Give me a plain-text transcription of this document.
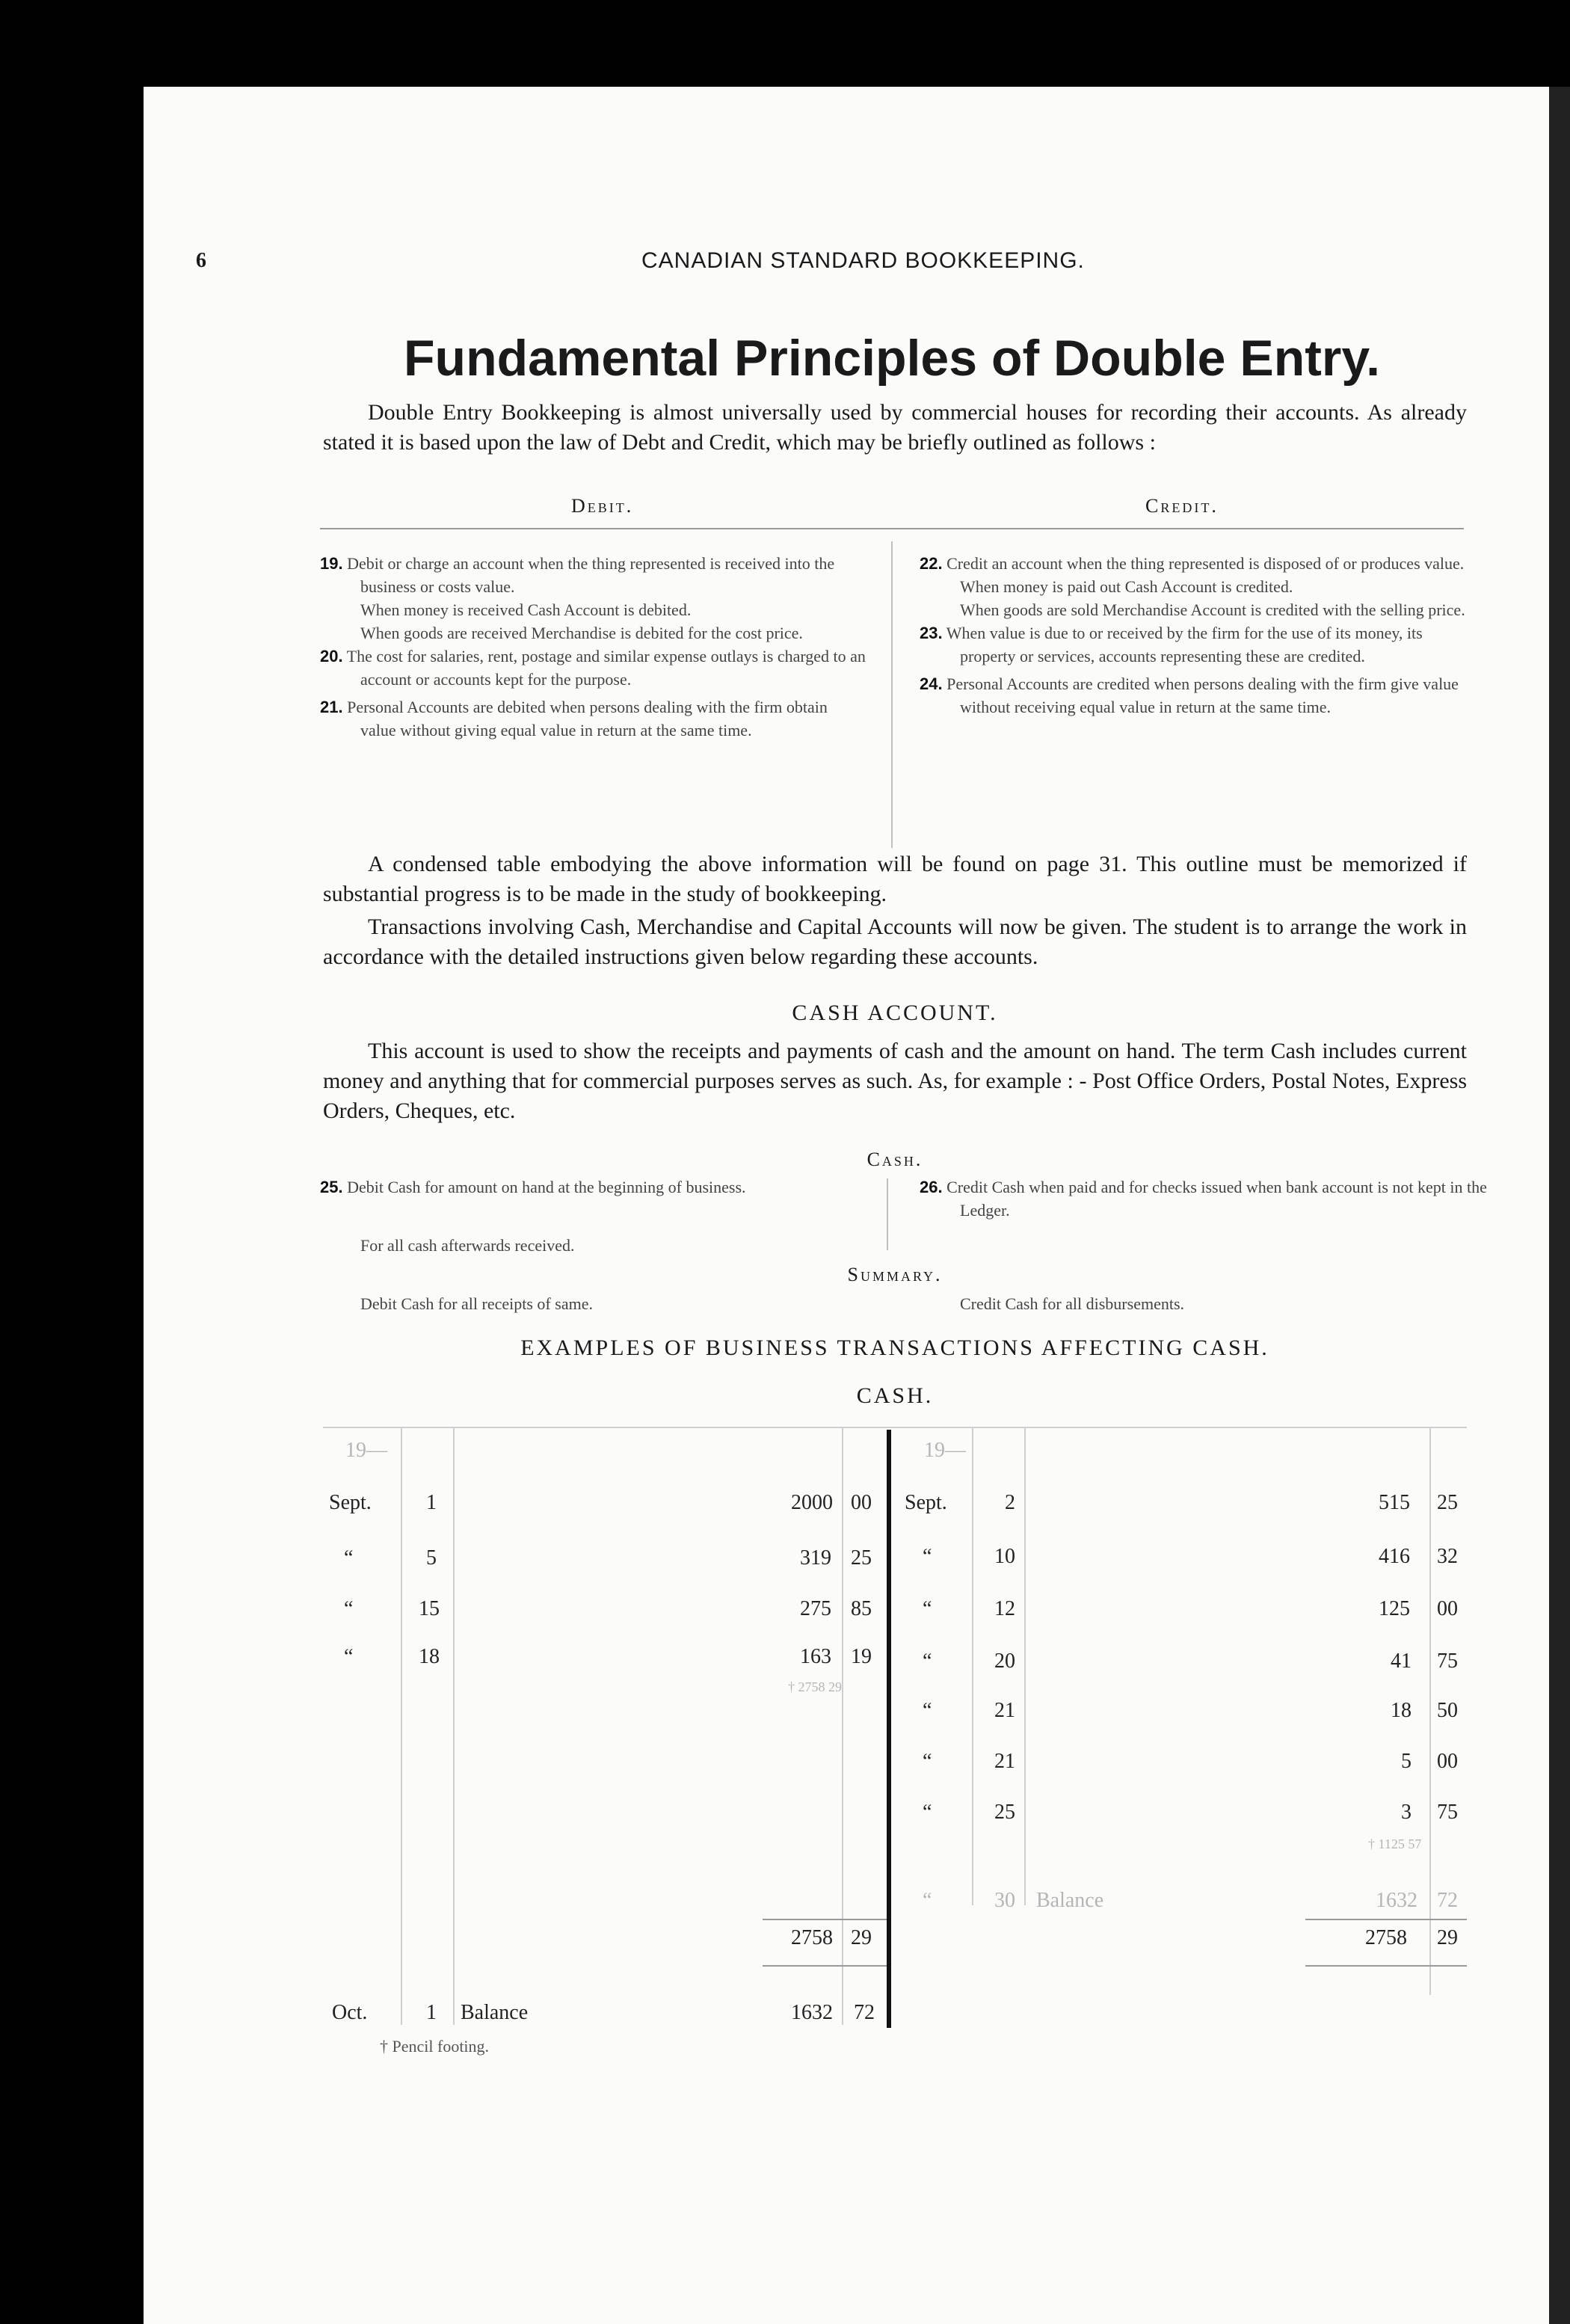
6	CANADIAN STANDARD BOOKKEEPING.
Fundamental Principles of Double Entry.
Double Entry Bookkeeping is almost universally used by commercial houses for recording their accounts. As already stated it is based upon the law of Debt and Credit, which may be briefly outlined as follows :
Debit.	Credit.
19. Debit or charge an account when the thing represented is received into the business or costs value.
When money is received Cash Account is debited.
When goods are received Merchandise is debited for the cost price.
20. The cost for salaries, rent, postage and similar expense outlays is charged to an account or accounts kept for the purpose.
21. Personal Accounts are debited when persons dealing with the firm obtain value without giving equal value in return at the same time.
22. Credit an account when the thing represented is disposed of or produces value.
When money is paid out Cash Account is credited.
When goods are sold Merchandise Account is credited with the selling price.
23. When value is due to or received by the firm for the use of its money, its property or services, accounts representing these are credited.
24. Personal Accounts are credited when persons dealing with the firm give value without receiving equal value in return at the same time.
A condensed table embodying the above information will be found on page 31. This outline must be memorized if substantial progress is to be made in the study of bookkeeping.
Transactions involving Cash, Merchandise and Capital Accounts will now be given. The student is to arrange the work in accordance with the detailed instructions given below regarding these accounts.
CASH ACCOUNT.
This account is used to show the receipts and payments of cash and the amount on hand. The term Cash includes current money and anything that for commercial purposes serves as such. As, for example : - Post Office Orders, Postal Notes, Express Orders, Cheques, etc.
Cash.
25. Debit Cash for amount on hand at the beginning of business.
For all cash afterwards received.
26. Credit Cash when paid and for checks issued when bank account is not kept in the Ledger.
Summary.
Debit Cash for all receipts of same.	Credit Cash for all disbursements.
EXAMPLES OF BUSINESS TRANSACTIONS AFFECTING CASH.
CASH.
19—
Sept.	1	2000 00
“	5	319 25
“	15	275 85
“	18	163 19
† 2758 29
2758 29
Oct.	1 Balance	1632 72
† Pencil footing.
19—
Sept.	2	515 25
“	10	416 32
“	12	125 00
“	20	41 75
“	21	18 50
“	21	5 00
“	25	3 75
† 1125 57
“	30 Balance	1632 72
2758 29
